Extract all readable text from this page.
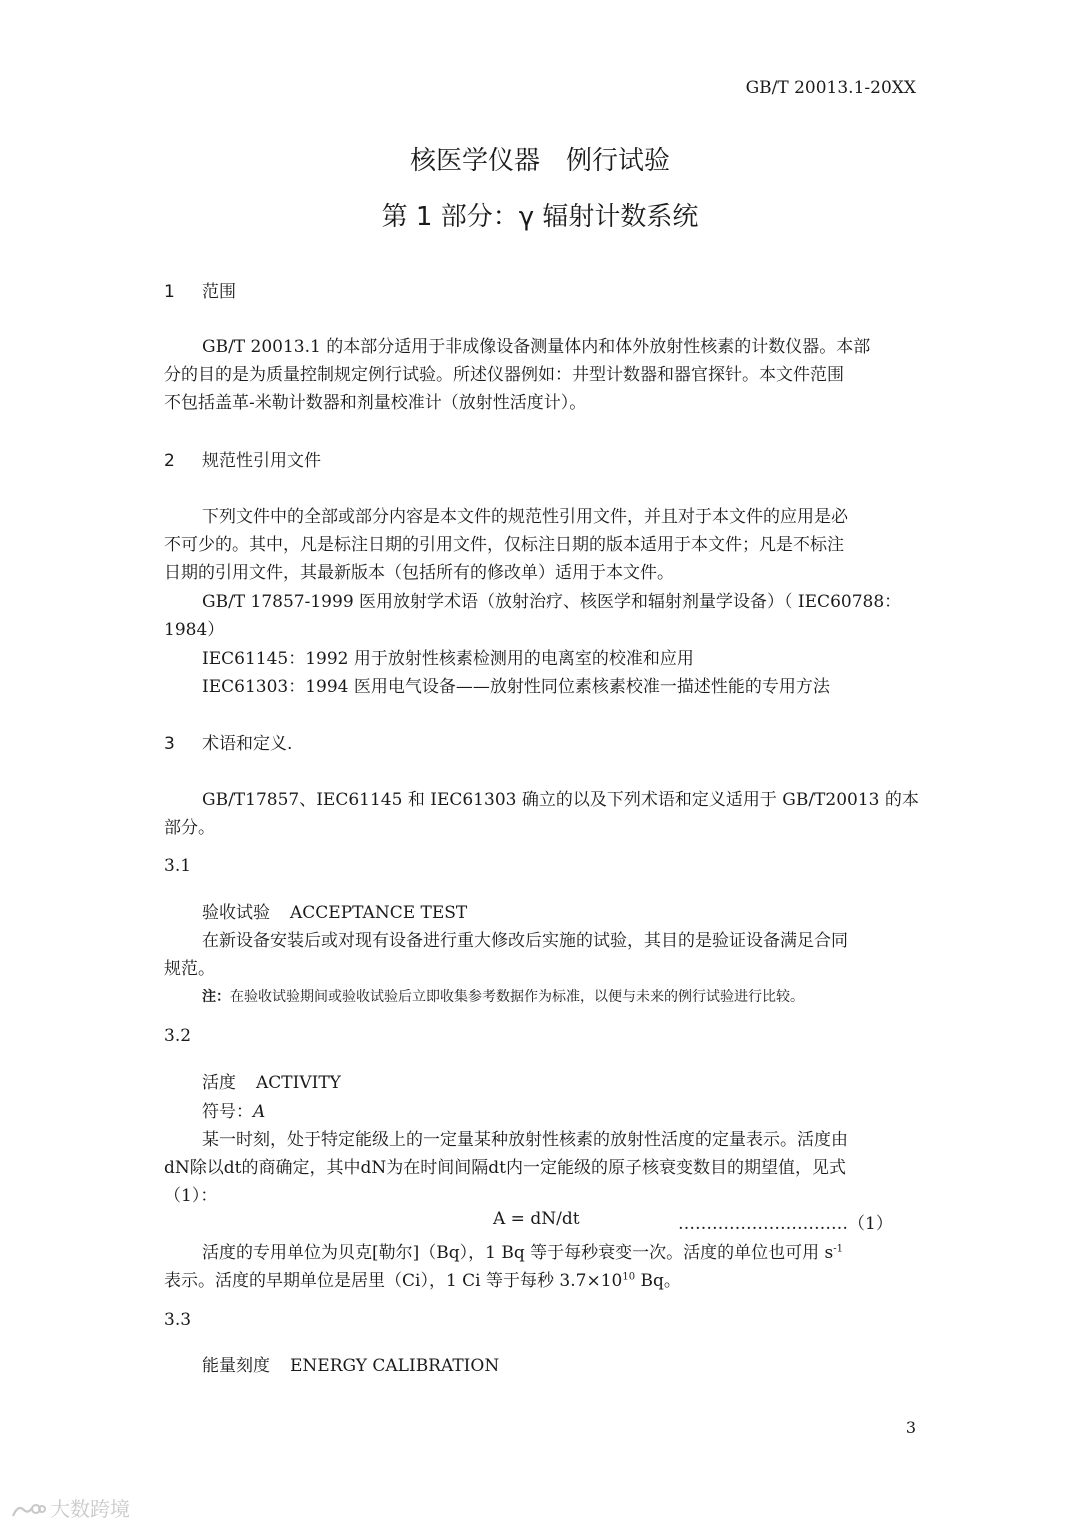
GB/T 20013.1-20XX
核医学仪器　例行试验
第 1 部分：γ 辐射计数系统
1 范围
GB/T 20013.1 的本部分适用于非成像设备测量体内和体外放射性核素的计数仪器。本部
分的目的是为质量控制规定例行试验。所述仪器例如：井型计数器和器官探针。本文件范围
不包括盖革-米勒计数器和剂量校准计（放射性活度计）。
2 规范性引用文件
下列文件中的全部或部分内容是本文件的规范性引用文件，并且对于本文件的应用是必
不可少的。其中，凡是标注日期的引用文件，仅标注日期的版本适用于本文件；凡是不标注
日期的引用文件，其最新版本（包括所有的修改单）适用于本文件。
GB/T 17857-1999 医用放射学术语（放射治疗、核医学和辐射剂量学设备）（ IEC60788：
1984）
IEC61145：1992 用于放射性核素检测用的电离室的校准和应用
IEC61303：1994 医用电气设备——放射性同位素核素校准一描述性能的专用方法
3 术语和定义.
GB/T17857、IEC61145 和 IEC61303 确立的以及下列术语和定义适用于 GB/T20013 的本
部分。
3.1
验收试验 ACCEPTANCE TEST
在新设备安装后或对现有设备进行重大修改后实施的试验，其目的是验证设备满足合同
规范。
注：在验收试验期间或验收试验后立即收集参考数据作为标准，以便与未来的例行试验进行比较。
3.2
活度 ACTIVITY
符号：A
某一时刻，处于特定能级上的一定量某种放射性核素的放射性活度的定量表示。活度由
dN除以dt的商确定，其中dN为在时间间隔dt内一定能级的原子核衰变数目的期望值，见式
（1）：
A = dN/dt	…………………………（1）
活度的专用单位为贝克[勒尔]（Bq），1 Bq 等于每秒衰变一次。活度的单位也可用 $s^{-1}$
表示。活度的早期单位是居里（Ci），1 Ci 等于每秒 $3.7\times 10^{10}$ Bq。
3.3
能量刻度 ENERGY CALIBRATION
3
大数跨境
